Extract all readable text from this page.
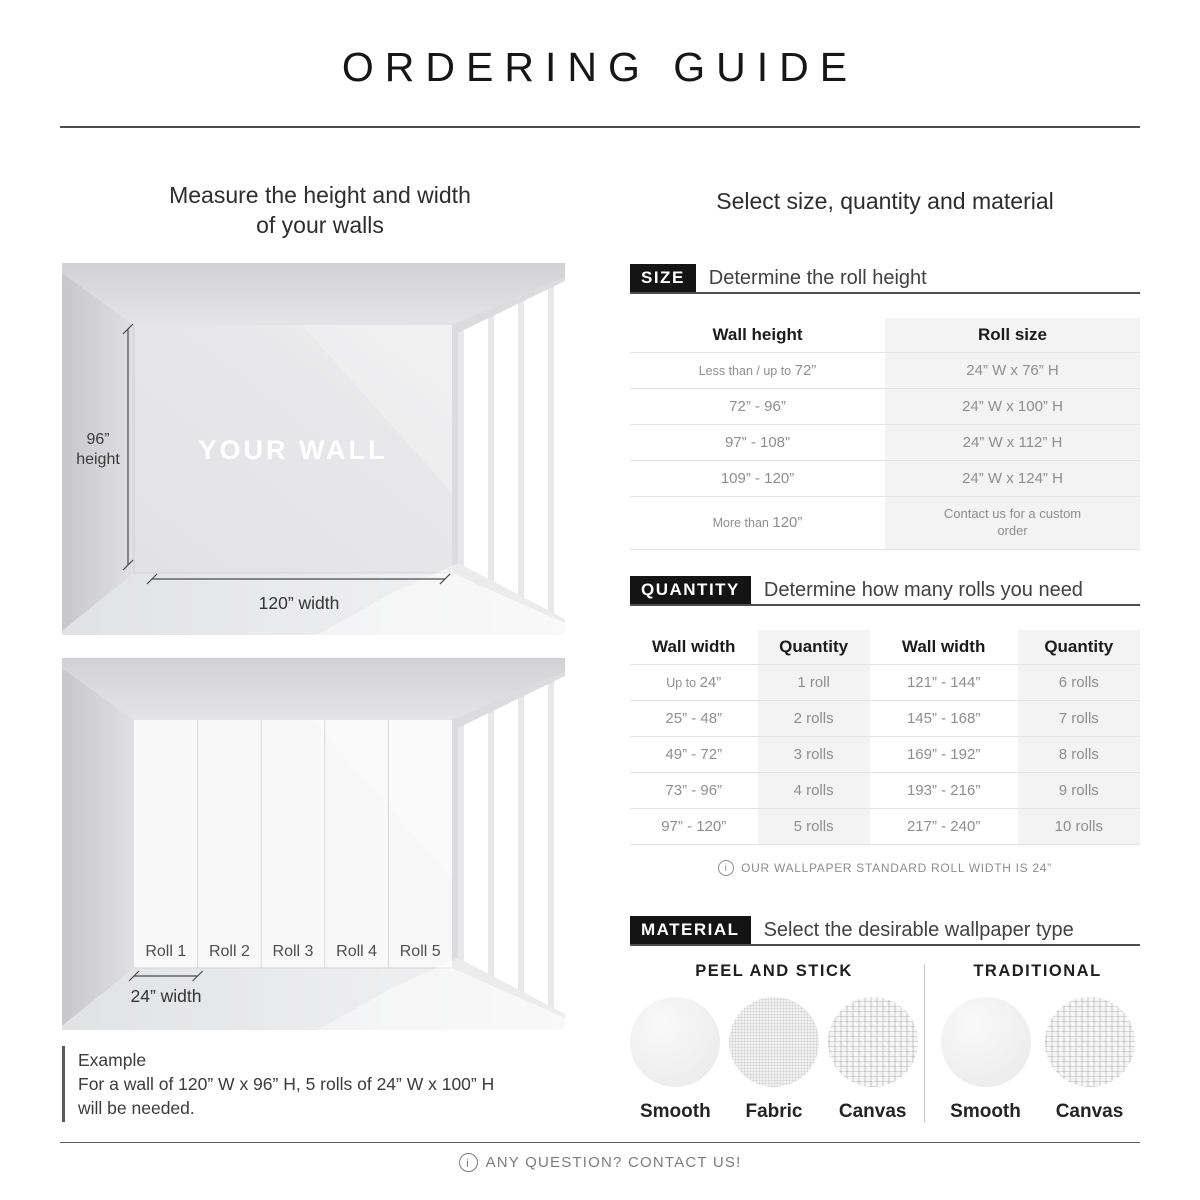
ORDERING GUIDE
Measure the height and width
of your walls
YOUR WALL
96”
height
120” width
Roll 1 Roll 2 Roll 3 Roll 4 Roll 5
24” width
Example
For a wall of 120” W x 96” H, 5 rolls of 24” W x 100” H
will be needed.
Select size, quantity and material
SIZE	Determine the roll height
Wall height	Roll size
Less than / up to 72”	24” W x 76” H
72” - 96”	24” W x 100” H
97” - 108”	24” W x 112” H
109” - 120”	24” W x 124” H
More than 120”	Contact us for a custom order
QUANTITY	Determine how many rolls you need
Wall width	Quantity	Wall width	Quantity
Up to 24”	1 roll	121” - 144”	6 rolls
25” - 48”	2 rolls	145” - 168”	7 rolls
49” - 72”	3 rolls	169” - 192”	8 rolls
73” - 96”	4 rolls	193” - 216”	9 rolls
97” - 120”	5 rolls	217” - 240”	10 rolls
i	OUR WALLPAPER STANDARD ROLL WIDTH IS 24”
MATERIAL	Select the desirable wallpaper type
PEEL AND STICK
Smooth	Fabric	Canvas
TRADITIONAL
Smooth	Canvas
i	ANY QUESTION? CONTACT US!
